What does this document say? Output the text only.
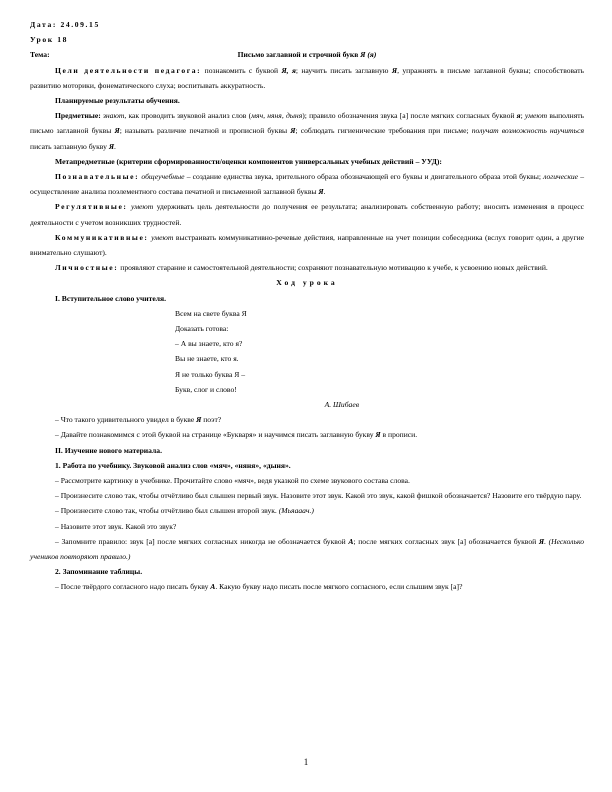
Дата: 24.09.15

Урок 18

Тема:	Письмо заглавной и строчной букв Я (я)

Цели деятельности педагога: познакомить с буквой Я, я; научить писать заглавную Я, упражнять в письме заглавной буквы; способствовать развитию моторики, фонематического слуха; воспитывать аккуратность.

Планируемые результаты обучения.

Предметные: знают, как проводить звуковой анализ слов (мяч, няня, дыня); правило обозначения звука [а] после мягких согласных буквой я; умеют выполнять письмо заглавной буквы Я; называть различие печатной и прописной буквы Я; соблюдать гигиенические требования при письме; получат возможность научиться писать заглавную букву Я.

Метапредметные (критерии сформированности/оценки компонентов универсальных учебных действий – УУД):

Познавательные: общеучебные – создание единства звука, зрительного образа обозначающей его буквы и двигательного образа этой буквы; логические – осуществление анализа поэлементного состава печатной и письменной заглавной буквы Я.

Регулятивные: умеют удерживать цель деятельности до получения ее результата; анализировать собственную работу; вносить изменения в процесс деятельности с учетом возникших трудностей.

Коммуникативные: умеют выстраивать коммуникативно-речевые действия, направленные на учет позиции собеседника (вслух говорит один, а другие внимательно слушают).

Личностные: проявляют старание и самостоятельной деятельности; сохраняют познавательную мотивацию к учебе, к усвоению новых действий.

Ход урока

I. Вступительное слово учителя.

Всем на свете буква Я
Доказать готова:
– А вы знаете, кто я?
Вы не знаете, кто я.
Я не только буква Я –
Букв, слог и слово!

А. Шибаев

– Что такого удивительного увидел в букве Я поэт?

– Давайте познакомимся с этой буквой на странице «Букваря» и научимся писать заглавную букву Я в прописи.

II. Изучение нового материала.

1. Работа по учебнику. Звуковой анализ слов «мяч», «няня», «дыня».

– Рассмотрите картинку в учебнике. Прочитайте слово «мяч», ведя указкой по схеме звукового состава слова.

– Произнесите слово так, чтобы отчётливо был слышен первый звук. Назовите этот звук. Какой это звук, какой фишкой обозначается? Назовите его твёрдую пару.

– Произнесите слово так, чтобы отчётливо был слышен второй звук. (Мьяааач.)

– Назовите этот звук. Какой это звук?

– Запомните правило: звук [а] после мягких согласных никогда не обозначается буквой А; после мягких согласных звук [а] обозначается буквой Я. (Несколько учеников повторяют правило.)

2. Запоминание таблицы.

– После твёрдого согласного надо писать букву А. Какую букву надо писать после мягкого согласного, если слышим звук [а]?

1
